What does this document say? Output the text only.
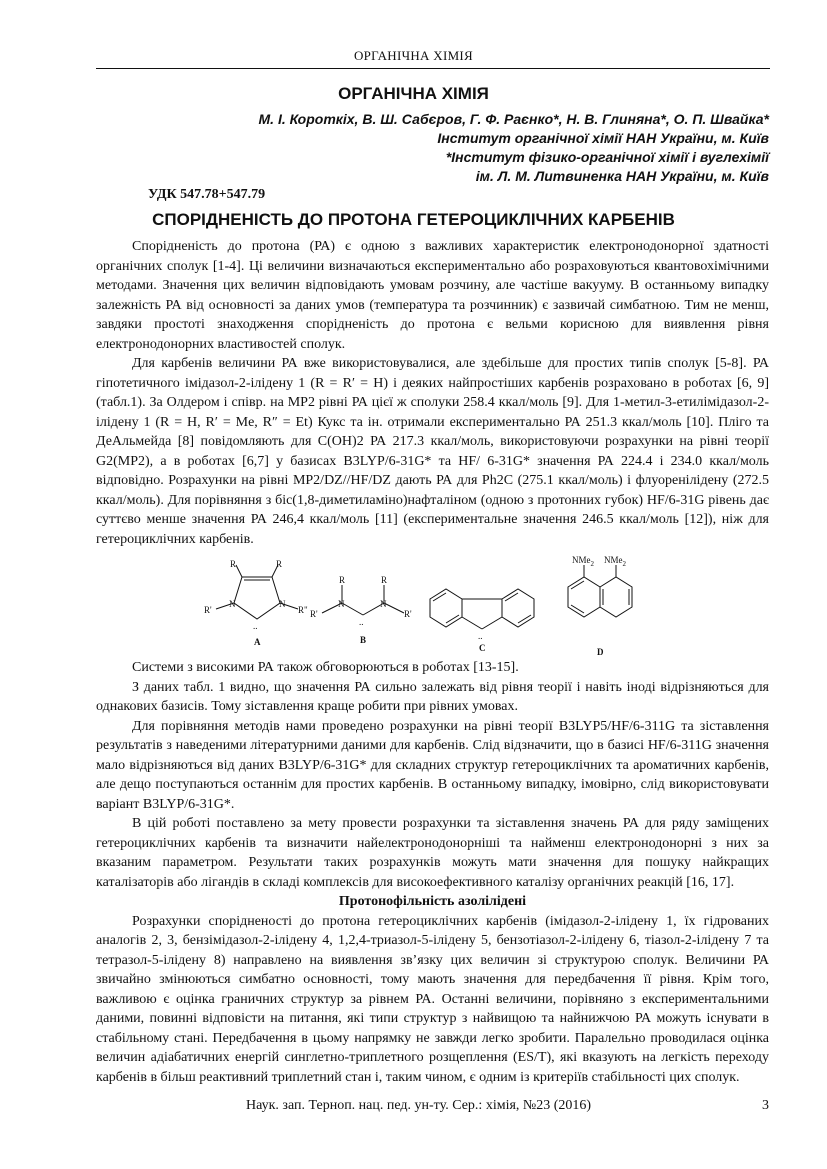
ОРГАНІЧНА ХІМІЯ
ОРГАНІЧНА ХІМІЯ
М. І. Короткіх, В. Ш. Сабєров, Г. Ф. Раєнко*, Н. В. Глиняна*, О. П. Швайка*
Інститут органічної хімії НАН України, м. Київ
*Інститут фізико-органічної хімії і вуглехімії
ім. Л. М. Литвиненка НАН України, м. Київ
УДК 547.78+547.79
СПОРІДНЕНІСТЬ ДО ПРОТОНА ГЕТЕРОЦИКЛІЧНИХ КАРБЕНІВ

Спорідненість до протона (РА) є одною з важливих характеристик електронодонорної здатності органічних сполук [1-4]. Ці величини визначаються експериментально або розраховуються квантовохімічними методами. Значення цих величин відповідають умовам розчину, але частіше вакууму. В останньому випадку залежність РА від основності за даних умов (температура та розчинник) є зазвичай симбатною. Тим не менш, завдяки простоті знаходження спорідненість до протона є вельми корисною для виявлення рівня електронодонорних властивостей сполук.

Для карбенів величини РА вже використовувалися, але здебільше для простих типів сполук [5-8]. РА гіпотетичного імідазол-2-ілідену 1 (R = R′ = H) і деяких найпростіших карбенів розраховано в роботах [6, 9] (табл.1). За Олдером і співр. на МР2 рівні РА цієї ж сполуки 258.4 ккал/моль [9]. Для 1-метил-3-етилімідазол-2-ілідену 1 (R = H, R′ = Me, R″ = Et) Кукс та ін. отримали експериментально РА 251.3 ккал/моль [10]. Пліго та ДеАльмейда [8] повідомляють для C(OH)2 РА 217.3 ккал/моль, використовуючи розрахунки на рівні теорії G2(MP2), а в роботах [6,7] у базисах B3LYP/6-31G* та HF/ 6-31G* значення РА 224.4 і 234.0 ккал/моль відповідно. Розрахунки на рівні МР2/DZ//HF/DZ дають РА для Ph2C (275.1 ккал/моль) і флуоренілідену (272.5 ккал/моль). Для порівняння з біс(1,8-диметиламіно)нафталіном (одною з протонних губок) HF/6-31G рівень дає суттєво менше значення РА 246,4 ккал/моль [11] (експериментальне значення 246.5 ккал/моль [12]), ніж для гетероциклічних карбенів.

R	R
N	N
R'	R"
..
A
R	R
N	N
R'	R'
..
B	..
C
NMe$_2$ NMe$_2$
D

Системи з високими РА також обговорюються в роботах [13-15].

З даних табл. 1 видно, що значення РА сильно залежать від рівня теорії і навіть іноді відрізняються для однакових базисів. Тому зіставлення краще робити при рівних умовах.

Для порівняння методів нами проведено розрахунки на рівні теорії B3LYP5/HF/6-311G та зіставлення результатів з наведеними літературними даними для карбенів. Слід відзначити, що в базисі HF/6-311G значення мало відрізняються від даних B3LYP/6-31G* для складних структур гетероциклічних та ароматичних карбенів, але дещо поступаються останнім для простих карбенів. В останньому випадку, імовірно, слід використовувати варіант B3LYP/6-31G*.

В цій роботі поставлено за мету провести розрахунки та зіставлення значень РА для ряду заміщених гетероциклічних карбенів та визначити найелектронодонорніші та найменш електронодонорні з них за вказаним параметром. Результати таких розрахунків можуть мати значення для пошуку найкращих каталізаторів або лігандів в складі комплексів для високоефективного каталізу органічних реакцій [16, 17].

Протонофільність азолілідені

Розрахунки спорідненості до протона гетероциклічних карбенів (імідазол-2-ілідену 1, їх гідрованих аналогів 2, 3, бензімідазол-2-ілідену 4, 1,2,4-триазол-5-ілідену 5, бензотіазол-2-ілідену 6, тіазол-2-ілідену 7 та тетразол-5-ілідену 8) направлено на виявлення зв’язку цих величин зі структурою сполук. Величини РА звичайно змінюються симбатно основності, тому мають значення для передбачення її рівня. Крім того, важливою є оцінка граничних структур за рівнем РА. Останні величини, порівняно з експериментальними даними, повинні відповісти на питання, які типи структур з найвищою та найнижчою РА можуть існувати в стабільному стані. Передбачення в цьому напрямку не завжди легко зробити. Паралельно проводилася оцінка величин адіабатичних енергій синглетно-триплетного розщеплення (ES/T), які вказують на легкість переходу карбенів в більш реактивний триплетний стан і, таким чином, є одним із критеріїв стабільності цих сполук.

Наук. зап. Терноп. нац. пед. ун-ту. Сер.: хімія, №23 (2016)	3
